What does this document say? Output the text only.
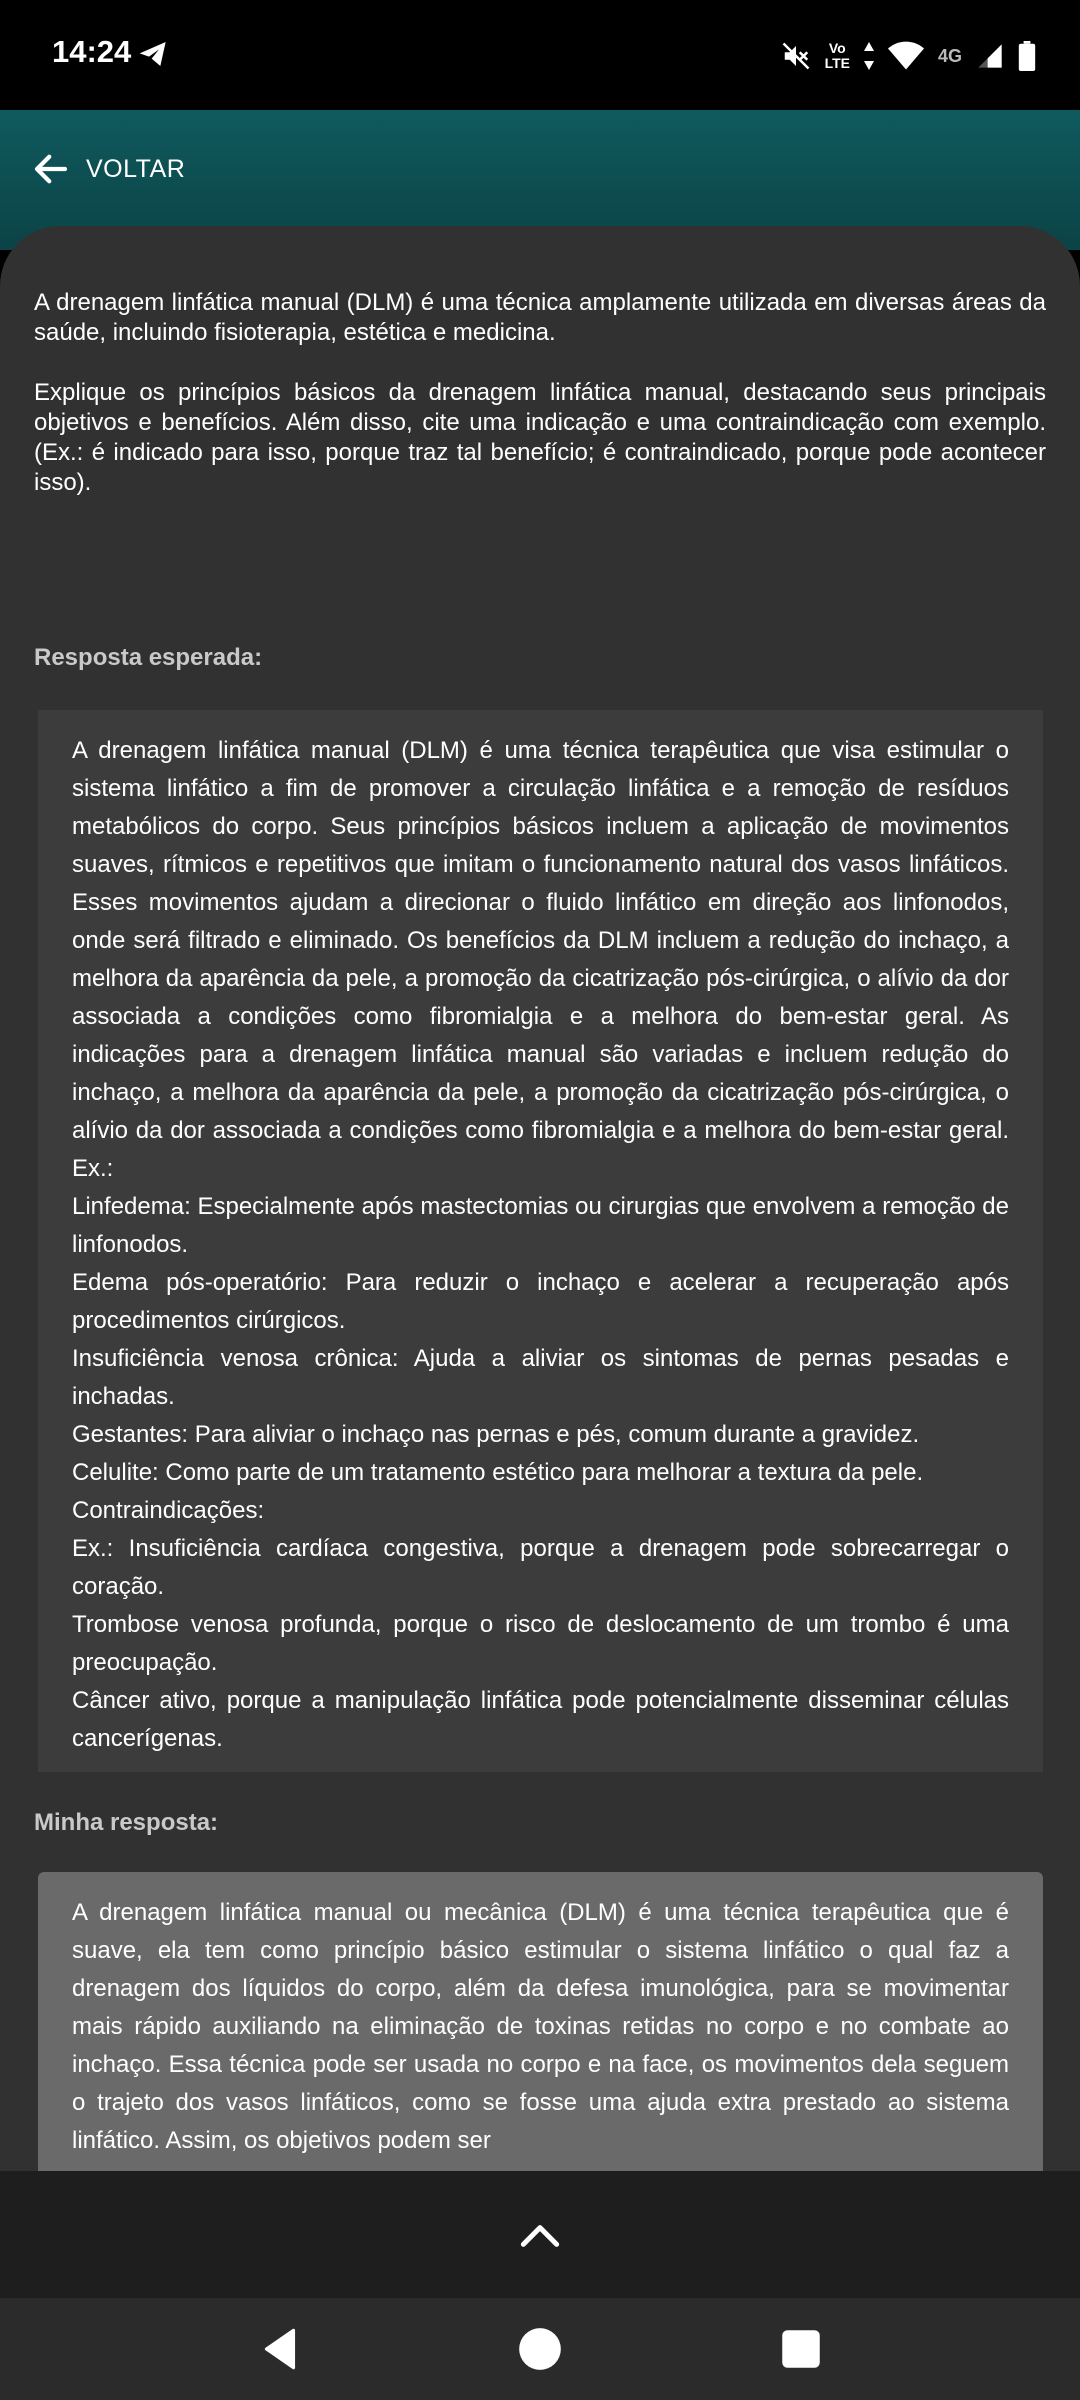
14:24	Vo
LTE	4G
VOLTAR

A drenagem linfática manual (DLM) é uma técnica amplamente utilizada em diversas áreas da saúde, incluindo fisioterapia, estética e medicina.

Explique os princípios básicos da drenagem linfática manual, destacando seus principais objetivos e benefícios. Além disso, cite uma indicação e uma contraindicação com exemplo. (Ex.: é indicado para isso, porque traz tal benefício; é contraindicado, porque pode acontecer isso).

Resposta esperada:
A drenagem linfática manual (DLM) é uma técnica terapêutica que visa estimular o sistema linfático a fim de promover a circulação linfática e a remoção de resíduos metabólicos do corpo. Seus princípios básicos incluem a aplicação de movimentos suaves, rítmicos e repetitivos que imitam o funcionamento natural dos vasos linfáticos. Esses movimentos ajudam a direcionar o fluido linfático em direção aos linfonodos, onde será filtrado e eliminado. Os benefícios da DLM incluem a redução do inchaço, a melhora da aparência da pele, a promoção da cicatrização pós-cirúrgica, o alívio da dor associada a condições como fibromialgia e a melhora do bem-estar geral. As indicações para a drenagem linfática manual são variadas e incluem redução do inchaço, a melhora da aparência da pele, a promoção da cicatrização pós-cirúrgica, o alívio da dor associada a condições como fibromialgia e a melhora do bem-estar geral. Ex.:
Linfedema: Especialmente após mastectomias ou cirurgias que envolvem a remoção de linfonodos.
Edema pós-operatório: Para reduzir o inchaço e acelerar a recuperação após procedimentos cirúrgicos.
Insuficiência venosa crônica: Ajuda a aliviar os sintomas de pernas pesadas e inchadas.
Gestantes: Para aliviar o inchaço nas pernas e pés, comum durante a gravidez.
Celulite: Como parte de um tratamento estético para melhorar a textura da pele.
Contraindicações:
Ex.: Insuficiência cardíaca congestiva, porque a drenagem pode sobrecarregar o coração.
Trombose venosa profunda, porque o risco de deslocamento de um trombo é uma preocupação.
Câncer ativo, porque a manipulação linfática pode potencialmente disseminar células cancerígenas.
Minha resposta:
A drenagem linfática manual ou mecânica (DLM) é uma técnica terapêutica que é suave, ela tem como princípio básico estimular o sistema linfático o qual faz a drenagem dos líquidos do corpo, além da defesa imunológica, para se movimentar mais rápido auxiliando na eliminação de toxinas retidas no corpo e no combate ao inchaço. Essa técnica pode ser usada no corpo e na face, os movimentos dela seguem o trajeto dos vasos linfáticos, como se fosse uma ajuda extra prestado ao sistema linfático. Assim, os objetivos podem ser
